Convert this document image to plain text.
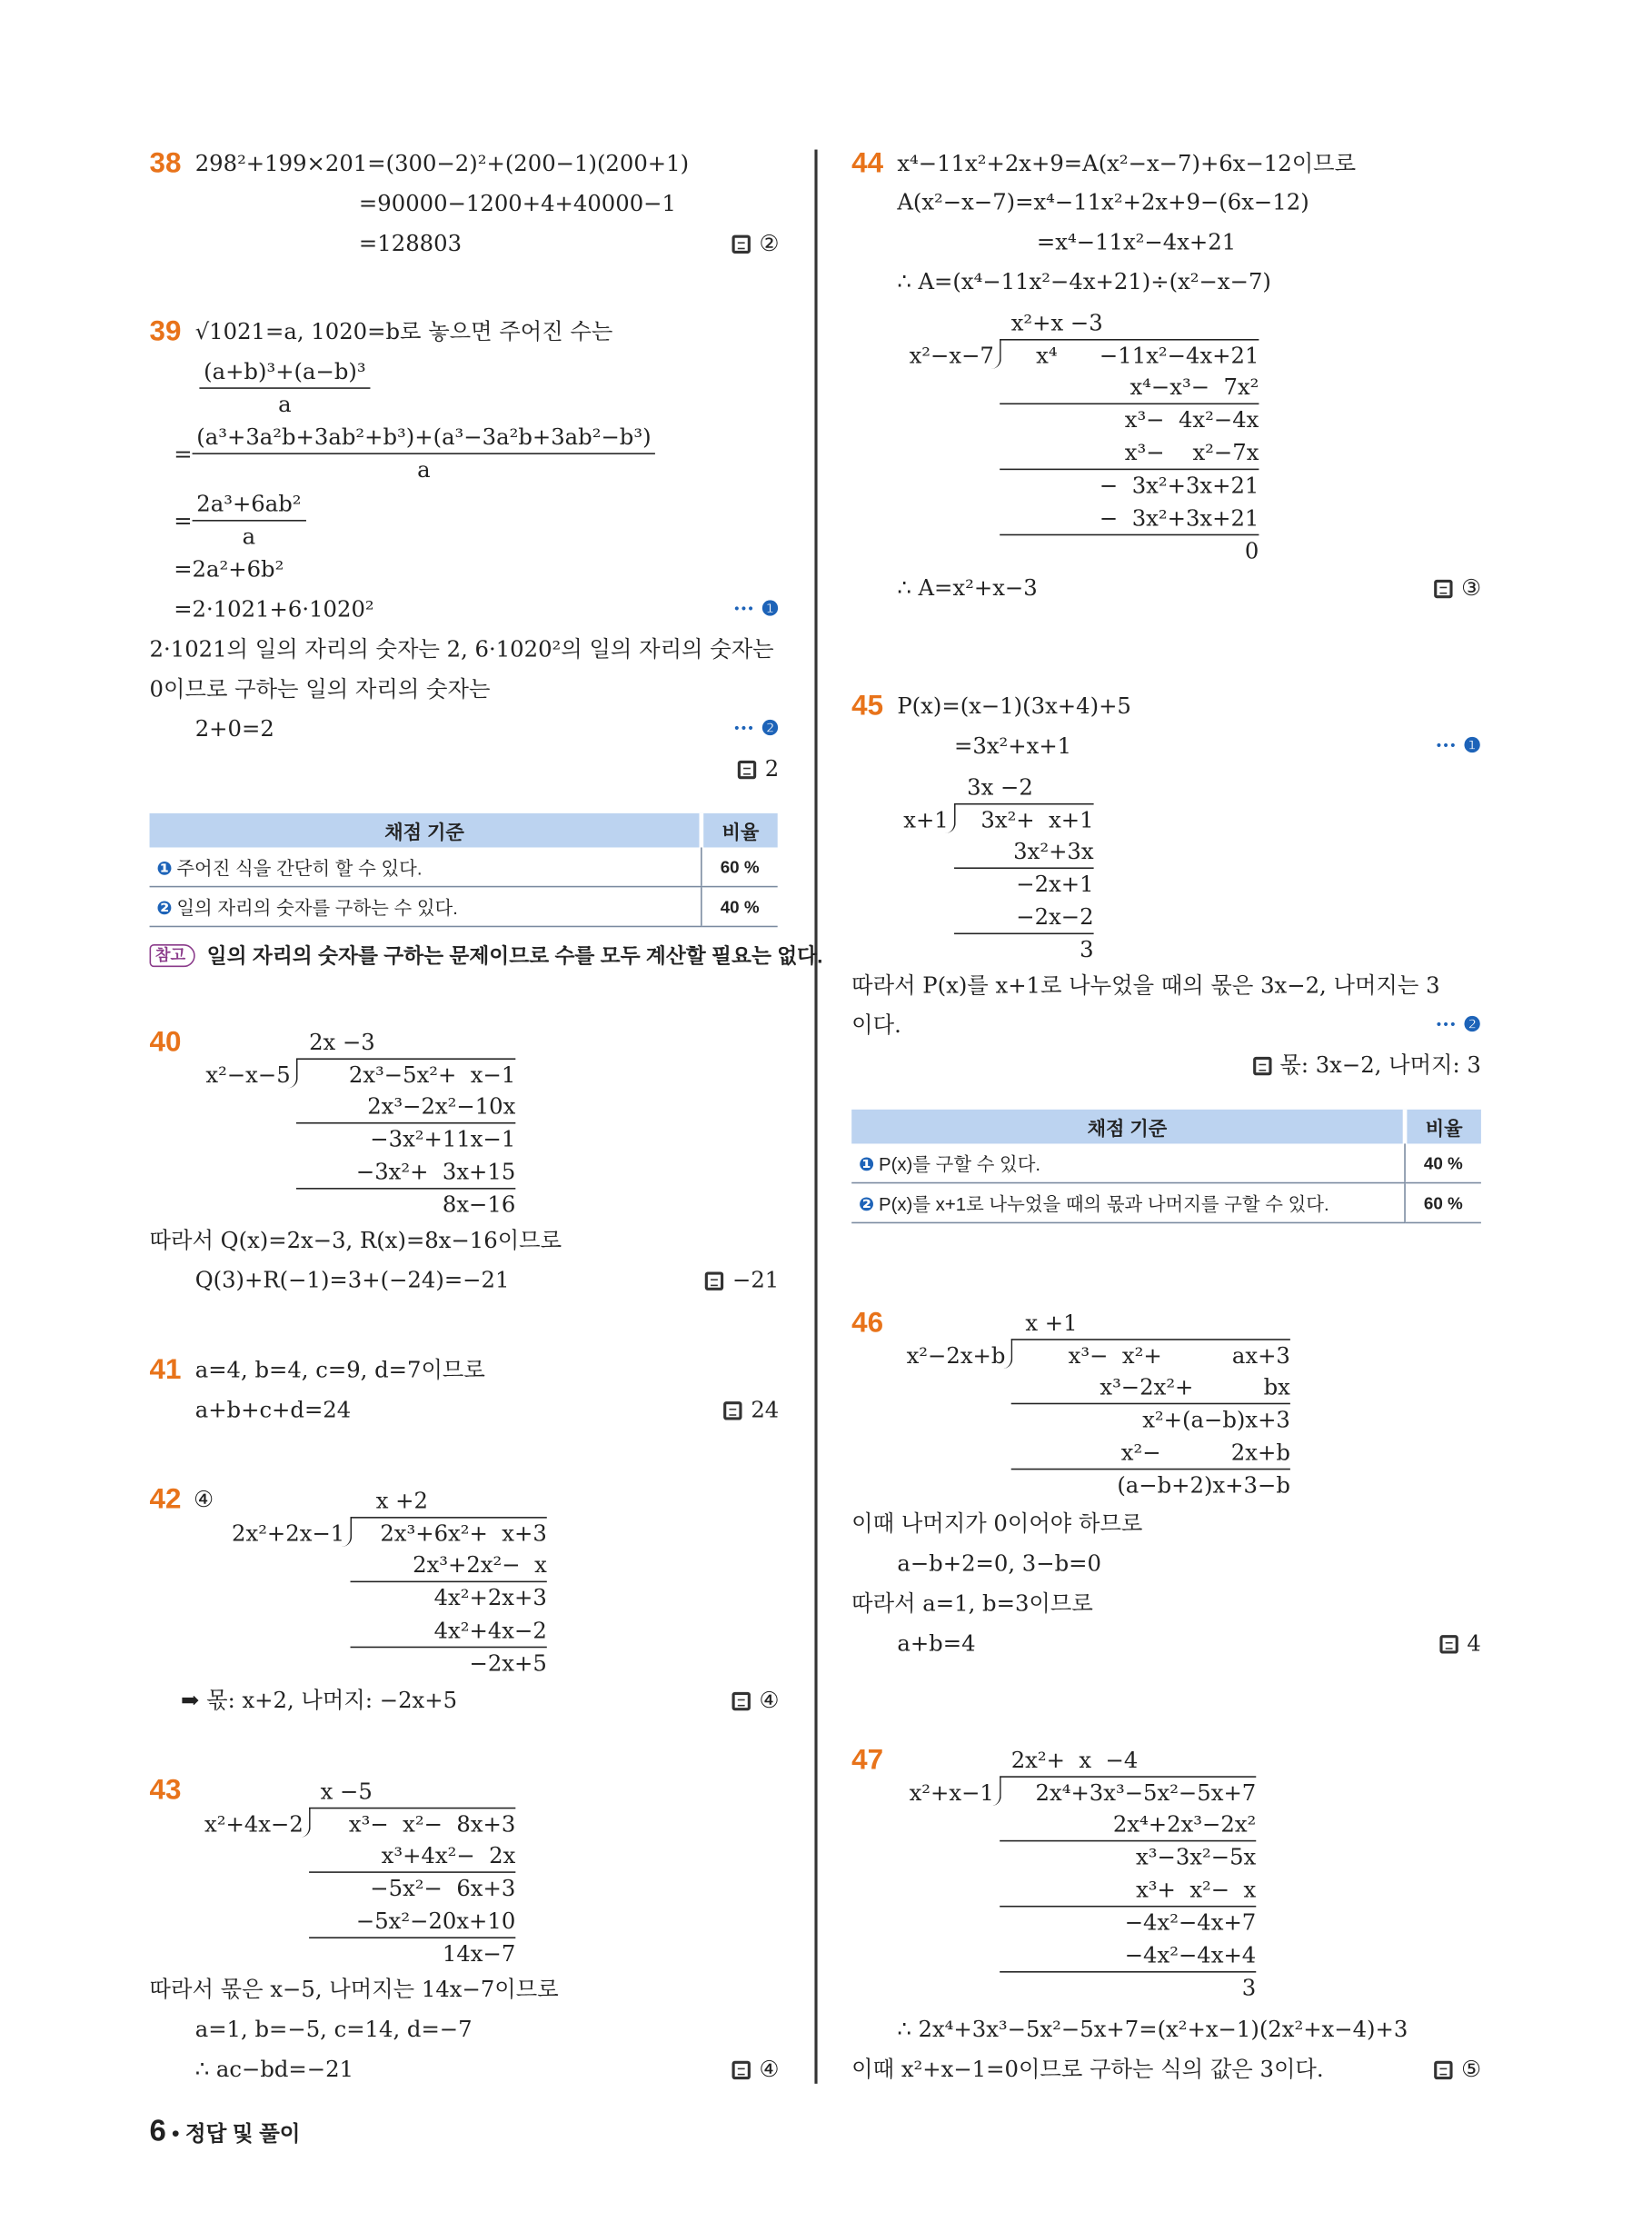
38 298²+199×201=(300−2)²+(200−1)(200+1)
=90000−1200+4+40000−1
=128803	②
39 √1021=a, 1020=b로 놓으면 주어진 수는
$\frac{\text{(a+b)³+(a−b)³}}{a}$
= $\frac{\text{(a³+3a²b+3ab²+b³)+(a³−3a²b+3ab²−b³)}}{a}$
= $\frac{\text{2a³+6ab²}}{a}$
=2a²+6b²
=2·1021+6·1020²	··· ❶
2·1021의 일의 자리의 숫자는 2, 6·1020²의 일의 자리의 숫자는
0이므로 구하는 일의 자리의 숫자는
2+0=2	··· ❷
2
채점 기준	비율
❶ 주어진 식을 간단히 할 수 있다.	60 %
❷ 일의 자리의 숫자를 구하는 수 있다.	40 %
참고	일의 자리의 숫자를 구하는 문제이므로 수를 모두 계산할 필요는 없다.
40	2x −3
x²−x−5	2x³−5x²+  x−1
2x³−2x²−10x
−3x²+11x−1
−3x²+  3x+15
8x−16
따라서 Q(x)=2x−3, R(x)=8x−16이므로
Q(3)+R(−1)=3+(−24)=−21	−21
41 a=4, b=4, c=9, d=7이므로
a+b+c+d=24	24
42 ④	x +2
2x²+2x−1	2x³+6x²+  x+3
2x³+2x²−  x
4x²+2x+3
4x²+4x−2
−2x+5
➡ 몫: x+2, 나머지: −2x+5	④
43	x −5
x²+4x−2	x³−  x²−  8x+3
x³+4x²−  2x
−5x²−  6x+3
−5x²−20x+10
14x−7
따라서 몫은 x−5, 나머지는 14x−7이므로
a=1, b=−5, c=14, d=−7
∴ ac−bd=−21	④
44 x⁴−11x²+2x+9=A(x²−x−7)+6x−12이므로
A(x²−x−7)=x⁴−11x²+2x+9−(6x−12)
=x⁴−11x²−4x+21
∴ A=(x⁴−11x²−4x+21)÷(x²−x−7)
x²+x −3
x²−x−7	x⁴      −11x²−4x+21
x⁴−x³−  7x²
x³−  4x²−4x
x³−    x²−7x
−  3x²+3x+21
−  3x²+3x+21
0
∴ A=x²+x−3	③
45 P(x)=(x−1)(3x+4)+5
=3x²+x+1	··· ❶
3x −2
x+1	3x²+  x+1
3x²+3x
−2x+1
−2x−2
3
따라서 P(x)를 x+1로 나누었을 때의 몫은 3x−2, 나머지는 3
이다.	··· ❷
몫: 3x−2, 나머지: 3
채점 기준	비율
❶ P(x)를 구할 수 있다.	40 %
❷ P(x)를 x+1로 나누었을 때의 몫과 나머지를 구할 수 있다.	60 %
46	x +1
x²−2x+b	x³−  x²+          ax+3
x³−2x²+          bx
x²+(a−b)x+3
x²−          2x+b
(a−b+2)x+3−b
이때 나머지가 0이어야 하므로
a−b+2=0, 3−b=0
따라서 a=1, b=3이므로
a+b=4	4
47	2x²+  x  −4
x²+x−1	2x⁴+3x³−5x²−5x+7
2x⁴+2x³−2x²
x³−3x²−5x
x³+  x²−  x
−4x²−4x+7
−4x²−4x+4
3
∴ 2x⁴+3x³−5x²−5x+7=(x²+x−1)(2x²+x−4)+3
이때 x²+x−1=0이므로 구하는 식의 값은 3이다.	⑤
6 • 정답 및 풀이
